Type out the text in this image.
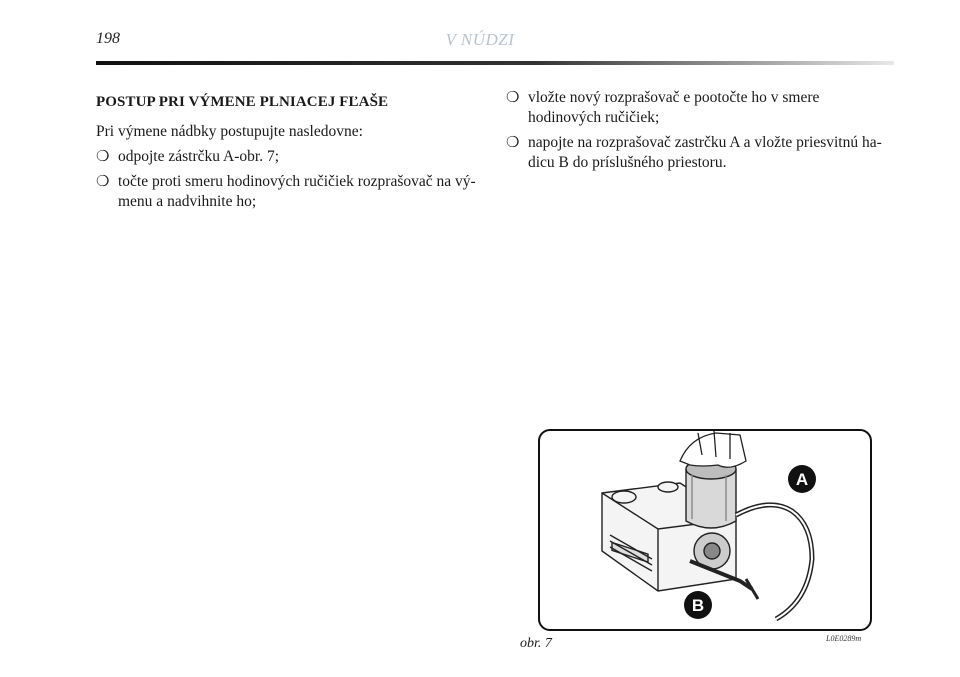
198	V NÚDZI
POSTUP PRI VÝMENE PLNIACEJ FĽAŠE
Pri výmene nádbky postupujte nasledovne:
❍ odpojte zástrčku A-obr. 7;
❍ točte proti smeru hodinových ručičiek rozprašovač na vý-menu a nadvihnite ho;
❍ vložte nový rozprašovač e pootočte ho v smere hodinových ručičiek;
❍ napojte na rozprašovač zastrčku A a vložte priesvitnú ha-dicu B do príslušného priestoru.
A
B
obr. 7	L0E0289m
